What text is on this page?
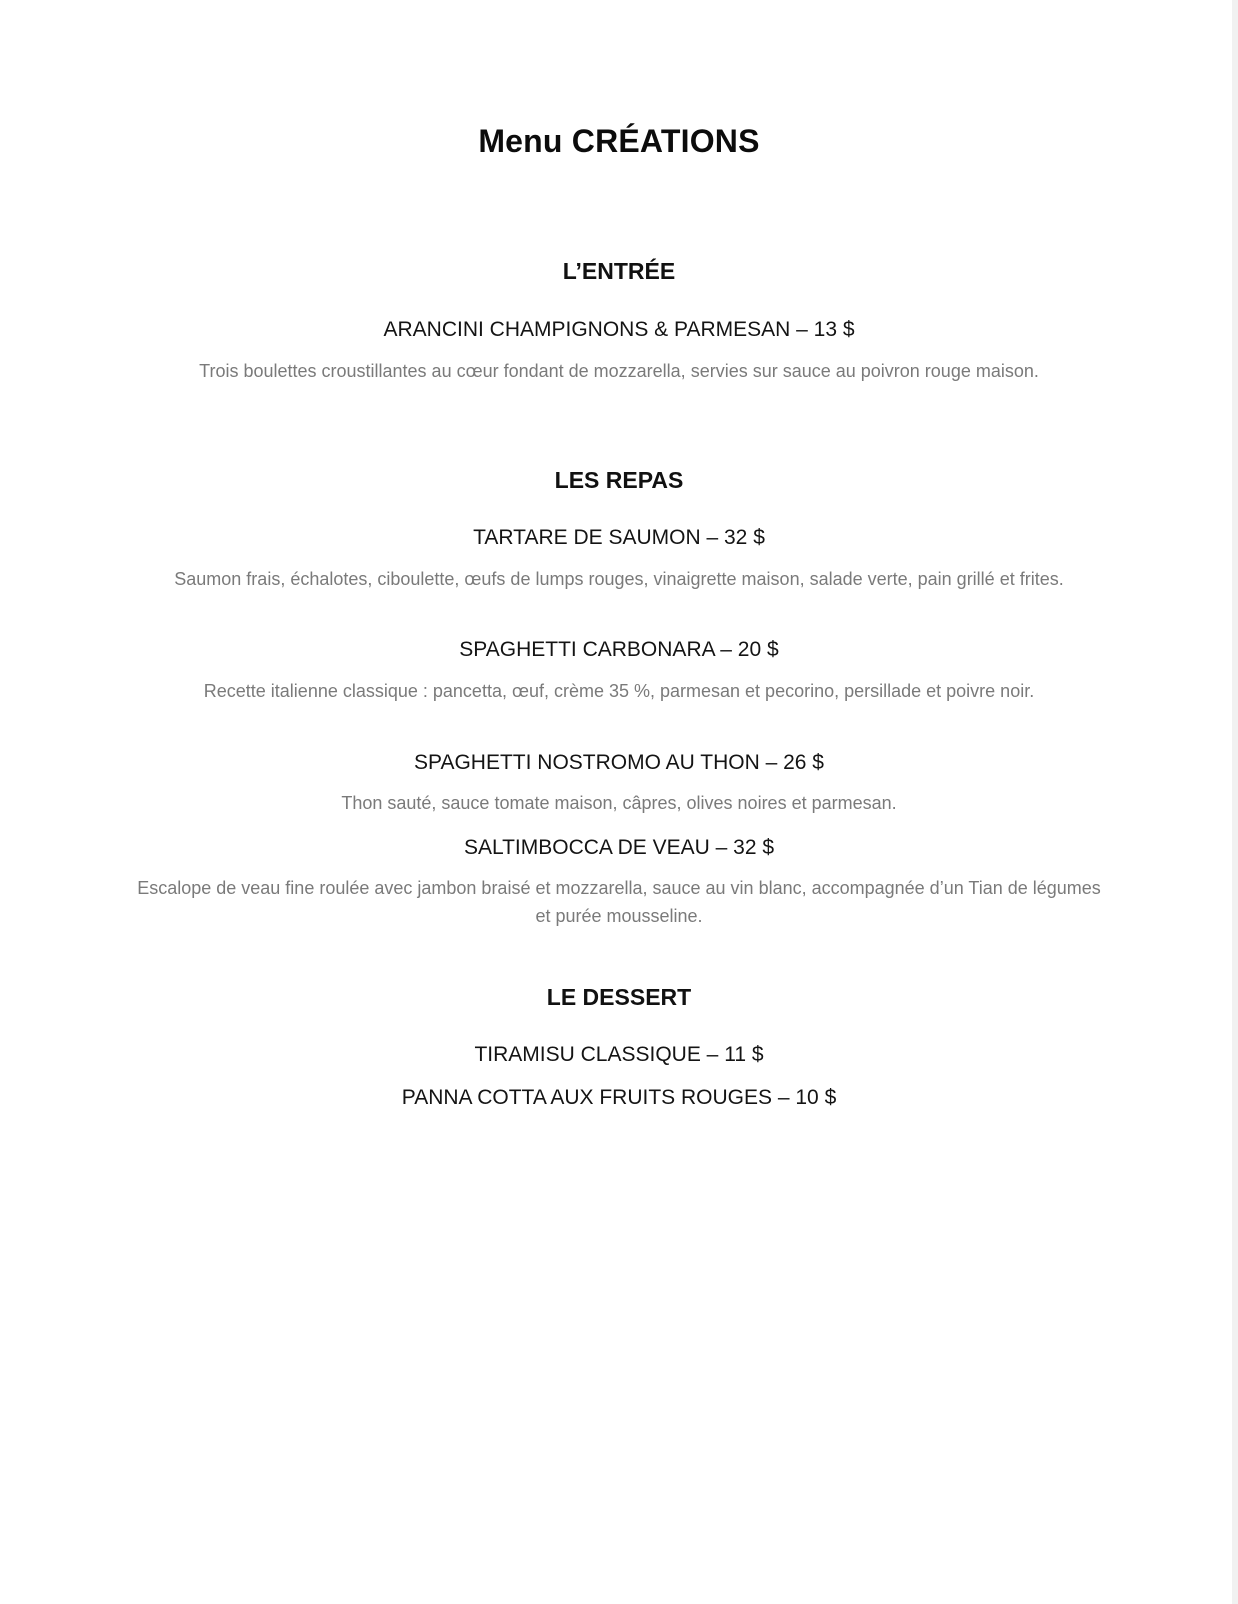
Menu CRÉATIONS
L’ENTRÉE
ARANCINI CHAMPIGNONS & PARMESAN – 13 $
Trois boulettes croustillantes au cœur fondant de mozzarella, servies sur sauce au poivron rouge maison.
LES REPAS
TARTARE DE SAUMON – 32 $
Saumon frais, échalotes, ciboulette, œufs de lumps rouges, vinaigrette maison, salade verte, pain grillé et frites.
SPAGHETTI CARBONARA – 20 $
Recette italienne classique : pancetta, œuf, crème 35 %, parmesan et pecorino, persillade et poivre noir.
SPAGHETTI NOSTROMO AU THON – 26 $
Thon sauté, sauce tomate maison, câpres, olives noires et parmesan.
SALTIMBOCCA DE VEAU – 32 $
Escalope de veau fine roulée avec jambon braisé et mozzarella, sauce au vin blanc, accompagnée d’un Tian de légumes et purée mousseline.
LE DESSERT
TIRAMISU CLASSIQUE – 11 $
PANNA COTTA AUX FRUITS ROUGES – 10 $
